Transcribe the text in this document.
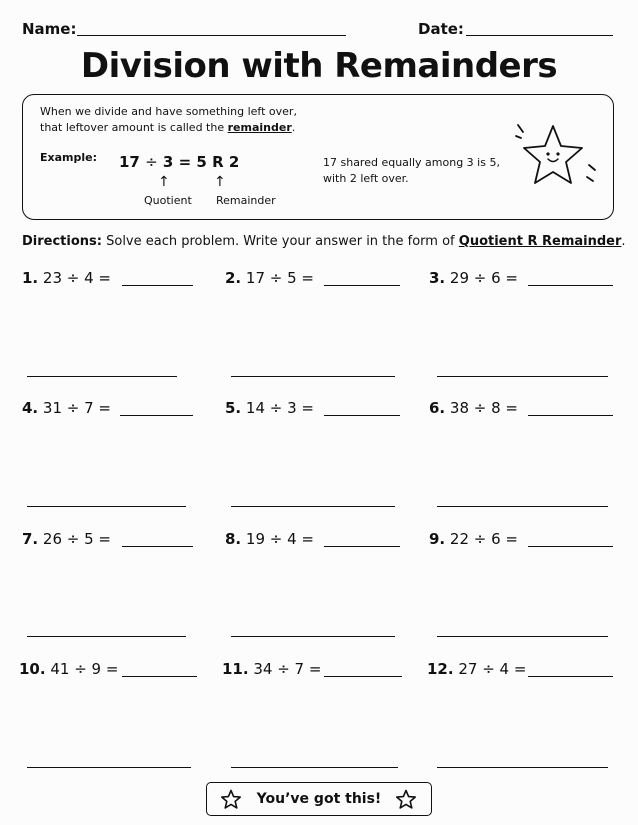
Name:	Date:
Division with Remainders
When we divide and have something left over,
that leftover amount is called the remainder.
Example: 17 ÷ 3 = 5 R 2
↑	↑
Quotient Remainder
17 shared equally among 3 is 5,
with 2 left over.
Directions: Solve each problem. Write your answer in the form of Quotient R Remainder.
1. 23 ÷ 4 =
4. 31 ÷ 7 =
7. 26 ÷ 5 =
10. 41 ÷ 9 =
2. 17 ÷ 5 =
5. 14 ÷ 3 =
8. 19 ÷ 4 =
11. 34 ÷ 7 =
3. 29 ÷ 6 =
6. 38 ÷ 8 =
9. 22 ÷ 6 =
12. 27 ÷ 4 =
You’ve got this!
